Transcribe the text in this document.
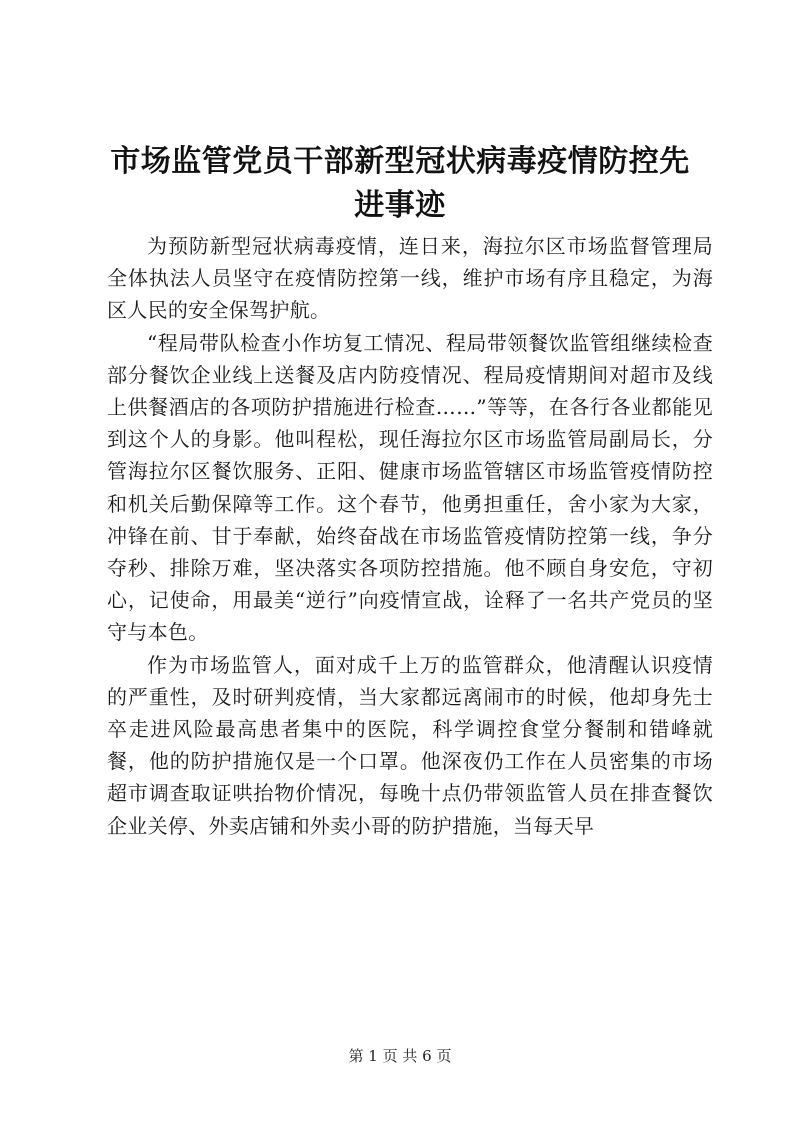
市场监管党员干部新型冠状病毒疫情防控先进事迹

为预防新型冠状病毒疫情，连日来，海拉尔区市场监督管理局全体执法人员坚守在疫情防控第一线，维护市场有序且稳定，为海区人民的安全保驾护航。

“程局带队检查小作坊复工情况、程局带领餐饮监管组继续检查部分餐饮企业线上送餐及店内防疫情况、程局疫情期间对超市及线上供餐酒店的各项防护措施进行检查……”等等，在各行各业都能见到这个人的身影。他叫程松，现任海拉尔区市场监管局副局长，分管海拉尔区餐饮服务、正阳、健康市场监管辖区市场监管疫情防控和机关后勤保障等工作。这个春节，他勇担重任，舍小家为大家，冲锋在前、甘于奉献，始终奋战在市场监管疫情防控第一线，争分夺秒、排除万难，坚决落实各项防控措施。他不顾自身安危，守初心，记使命，用最美“逆行”向疫情宣战，诠释了一名共产党员的坚守与本色。

作为市场监管人，面对成千上万的监管群众，他清醒认识疫情的严重性，及时研判疫情，当大家都远离闹市的时候，他却身先士卒走进风险最高患者集中的医院，科学调控食堂分餐制和错峰就餐，他的防护措施仅是一个口罩。他深夜仍工作在人员密集的市场超市调查取证哄抬物价情况，每晚十点仍带领监管人员在排查餐饮企业关停、外卖店铺和外卖小哥的防护措施，当每天早

第 1 页 共 6 页
